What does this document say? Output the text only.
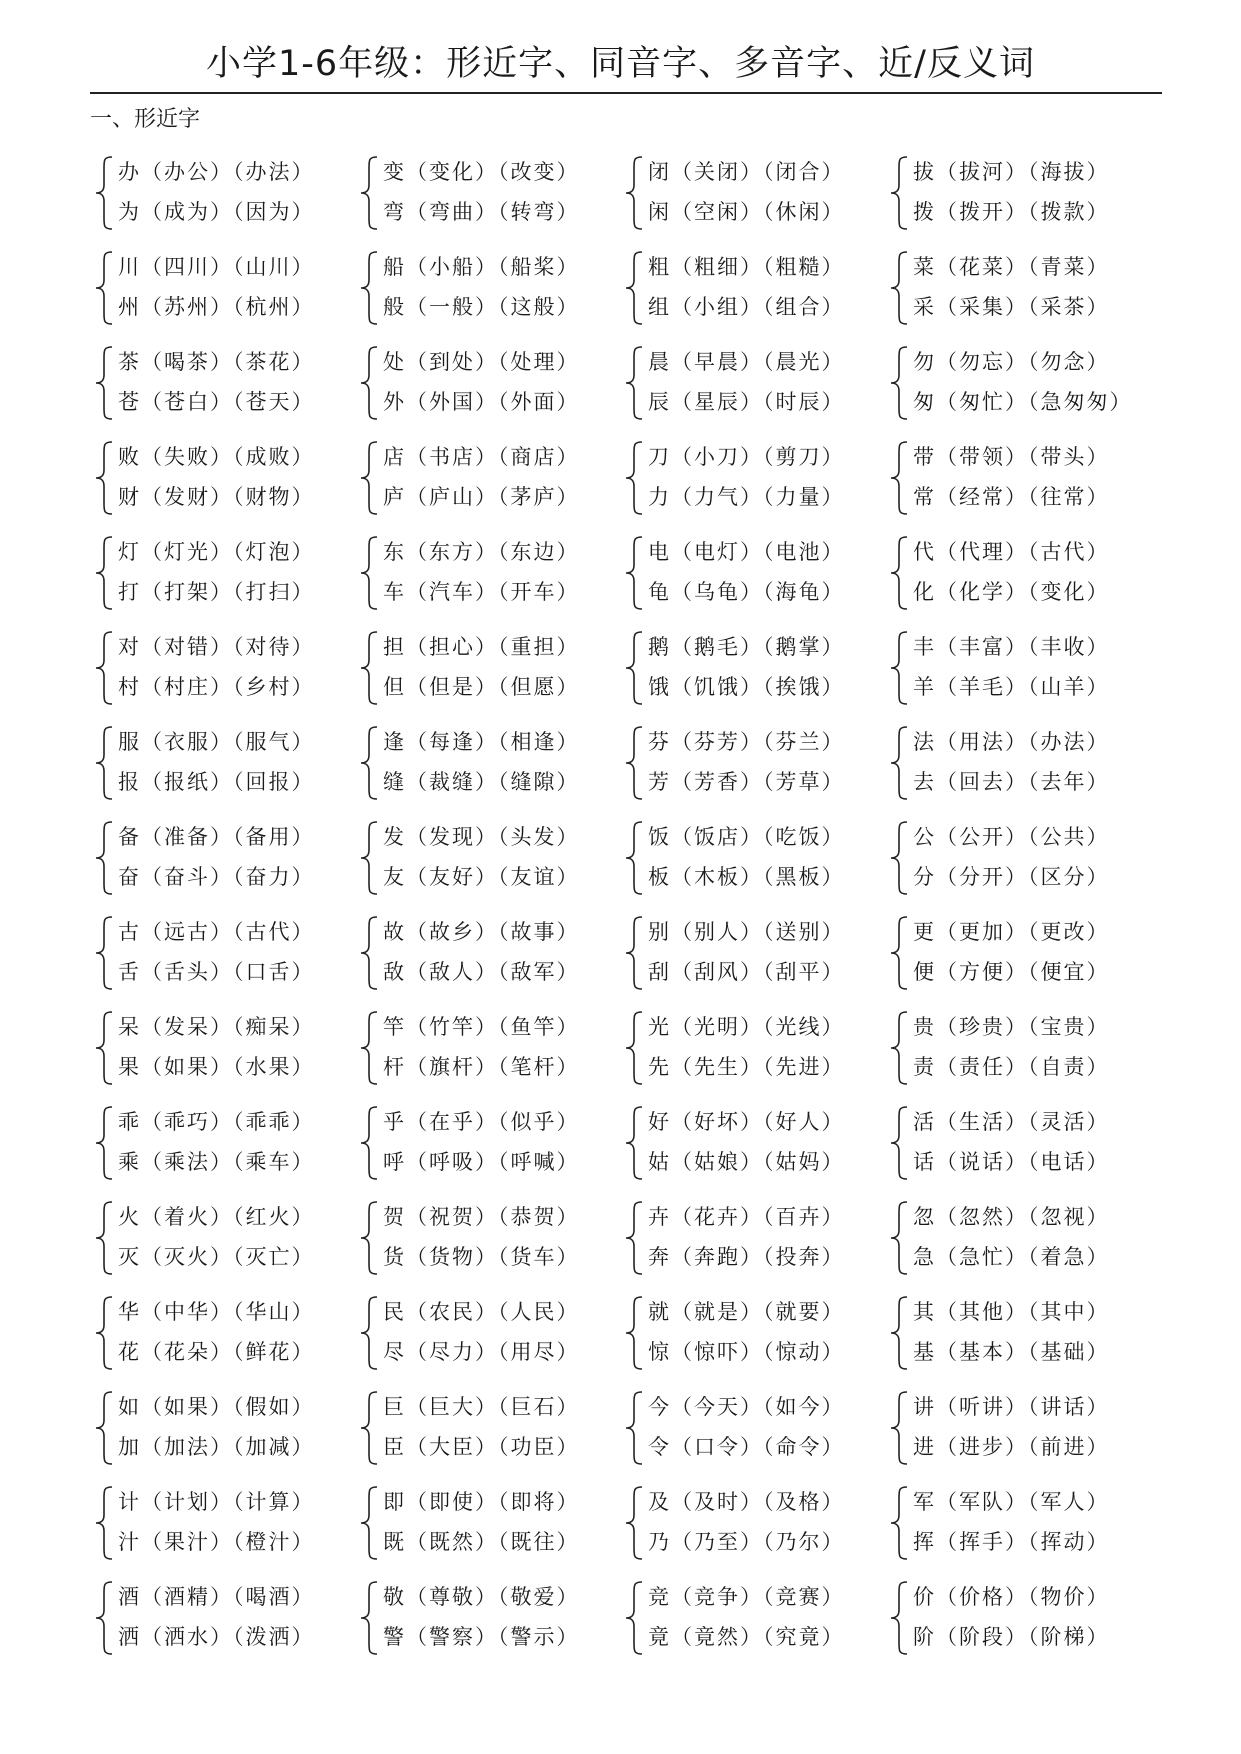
小学1-6年级：形近字、同音字、多音字、近/反义词
一、形近字
办（办公）（办法）
为（成为）（因为）
变（变化）（改变）
弯（弯曲）（转弯）
闭（关闭）（闭合）
闲（空闲）（休闲）
拔（拔河）（海拔）
拨（拨开）（拨款）
川（四川）（山川）
州（苏州）（杭州）
船（小船）（船桨）
般（一般）（这般）
粗（粗细）（粗糙）
组（小组）（组合）
菜（花菜）（青菜）
采（采集）（采茶）
茶（喝茶）（茶花）
苍（苍白）（苍天）
处（到处）（处理）
外（外国）（外面）
晨（早晨）（晨光）
辰（星辰）（时辰）
勿（勿忘）（勿念）
匆（匆忙）（急匆匆）
败（失败）（成败）
财（发财）（财物）
店（书店）（商店）
庐（庐山）（茅庐）
刀（小刀）（剪刀）
力（力气）（力量）
带（带领）（带头）
常（经常）（往常）
灯（灯光）（灯泡）
打（打架）（打扫）
东（东方）（东边）
车（汽车）（开车）
电（电灯）（电池）
龟（乌龟）（海龟）
代（代理）（古代）
化（化学）（变化）
对（对错）（对待）
村（村庄）（乡村）
担（担心）（重担）
但（但是）（但愿）
鹅（鹅毛）（鹅掌）
饿（饥饿）（挨饿）
丰（丰富）（丰收）
羊（羊毛）（山羊）
服（衣服）（服气）
报（报纸）（回报）
逢（每逢）（相逢）
缝（裁缝）（缝隙）
芬（芬芳）（芬兰）
芳（芳香）（芳草）
法（用法）（办法）
去（回去）（去年）
备（准备）（备用）
奋（奋斗）（奋力）
发（发现）（头发）
友（友好）（友谊）
饭（饭店）（吃饭）
板（木板）（黑板）
公（公开）（公共）
分（分开）（区分）
古（远古）（古代）
舌（舌头）（口舌）
故（故乡）（故事）
敌（敌人）（敌军）
别（别人）（送别）
刮（刮风）（刮平）
更（更加）（更改）
便（方便）（便宜）
呆（发呆）（痴呆）
果（如果）（水果）
竿（竹竿）（鱼竿）
杆（旗杆）（笔杆）
光（光明）（光线）
先（先生）（先进）
贵（珍贵）（宝贵）
责（责任）（自责）
乖（乖巧）（乖乖）
乘（乘法）（乘车）
乎（在乎）（似乎）
呼（呼吸）（呼喊）
好（好坏）（好人）
姑（姑娘）（姑妈）
活（生活）（灵活）
话（说话）（电话）
火（着火）（红火）
灭（灭火）（灭亡）
贺（祝贺）（恭贺）
货（货物）（货车）
卉（花卉）（百卉）
奔（奔跑）（投奔）
忽（忽然）（忽视）
急（急忙）（着急）
华（中华）（华山）
花（花朵）（鲜花）
民（农民）（人民）
尽（尽力）（用尽）
就（就是）（就要）
惊（惊吓）（惊动）
其（其他）（其中）
基（基本）（基础）
如（如果）（假如）
加（加法）（加减）
巨（巨大）（巨石）
臣（大臣）（功臣）
今（今天）（如今）
令（口令）（命令）
讲（听讲）（讲话）
进（进步）（前进）
计（计划）（计算）
汁（果汁）（橙汁）
即（即使）（即将）
既（既然）（既往）
及（及时）（及格）
乃（乃至）（乃尔）
军（军队）（军人）
挥（挥手）（挥动）
酒（酒精）（喝酒）
洒（洒水）（泼洒）
敬（尊敬）（敬爱）
警（警察）（警示）
竞（竞争）（竞赛）
竟（竟然）（究竟）
价（价格）（物价）
阶（阶段）（阶梯）
